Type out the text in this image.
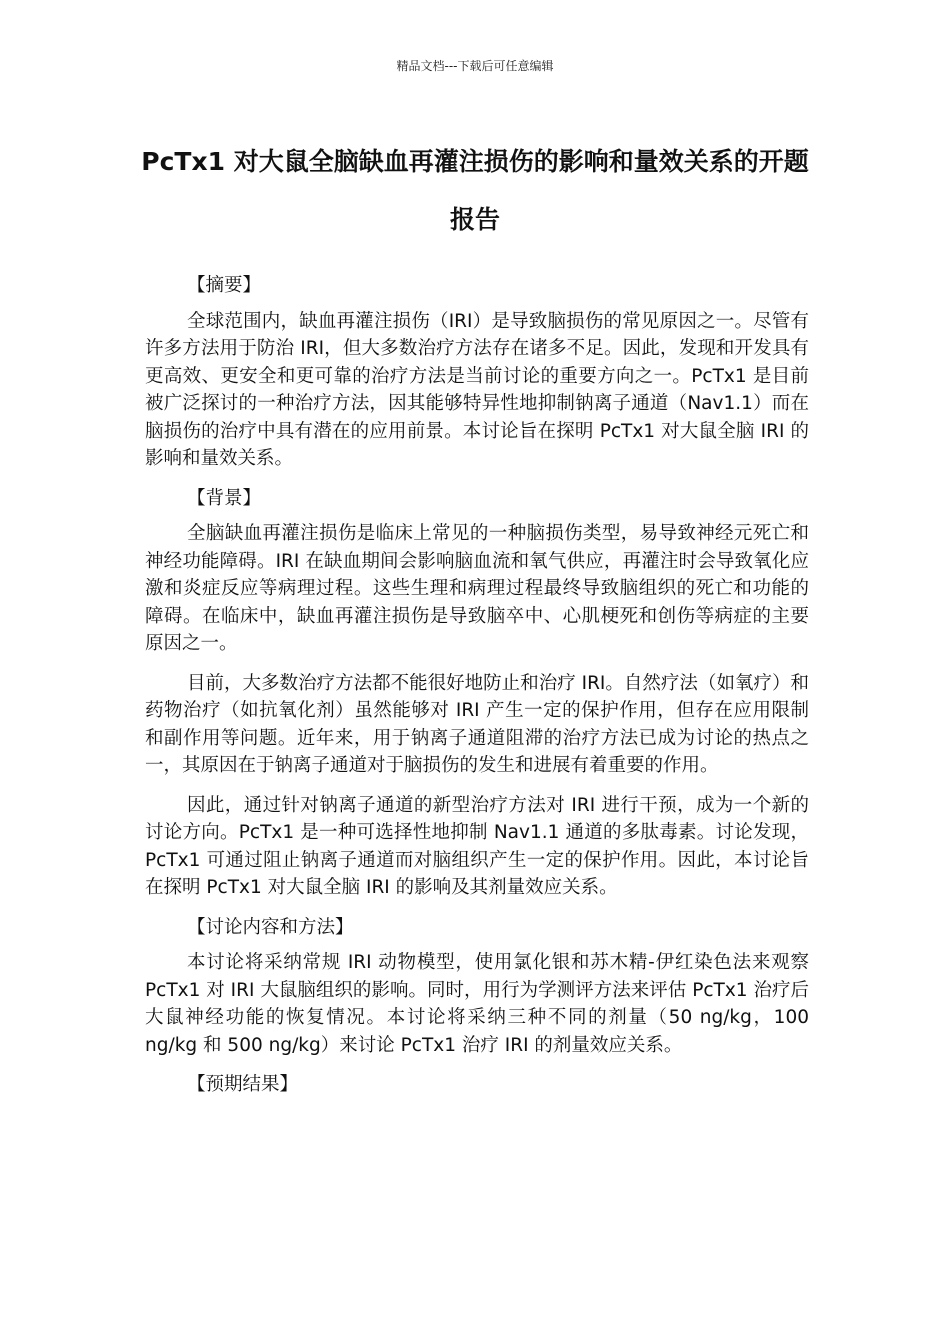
精品文档---下载后可任意编辑
PcTx1 对大鼠全脑缺血再灌注损伤的影响和量效关系的开题报告
【摘要】

全球范围内，缺血再灌注损伤（IRI）是导致脑损伤的常见原因之一。尽管有许多方法用于防治 IRI，但大多数治疗方法存在诸多不足。因此，发现和开发具有更高效、更安全和更可靠的治疗方法是当前讨论的重要方向之一。PcTx1 是目前被广泛探讨的一种治疗方法，因其能够特异性地抑制钠离子通道（Nav1.1）而在脑损伤的治疗中具有潜在的应用前景。本讨论旨在探明 PcTx1 对大鼠全脑 IRI 的影响和量效关系。

【背景】

全脑缺血再灌注损伤是临床上常见的一种脑损伤类型，易导致神经元死亡和神经功能障碍。IRI 在缺血期间会影响脑血流和氧气供应，再灌注时会导致氧化应激和炎症反应等病理过程。这些生理和病理过程最终导致脑组织的死亡和功能的障碍。在临床中，缺血再灌注损伤是导致脑卒中、心肌梗死和创伤等病症的主要原因之一。

目前，大多数治疗方法都不能很好地防止和治疗 IRI。自然疗法（如氧疗）和药物治疗（如抗氧化剂）虽然能够对 IRI 产生一定的保护作用，但存在应用限制和副作用等问题。近年来，用于钠离子通道阻滞的治疗方法已成为讨论的热点之一，其原因在于钠离子通道对于脑损伤的发生和进展有着重要的作用。

因此，通过针对钠离子通道的新型治疗方法对 IRI 进行干预，成为一个新的讨论方向。PcTx1 是一种可选择性地抑制 Nav1.1 通道的多肽毒素。讨论发现，PcTx1 可通过阻止钠离子通道而对脑组织产生一定的保护作用。因此，本讨论旨在探明 PcTx1 对大鼠全脑 IRI 的影响及其剂量效应关系。

【讨论内容和方法】

本讨论将采纳常规 IRI 动物模型，使用氯化银和苏木精-伊红染色法来观察 PcTx1 对 IRI 大鼠脑组织的影响。同时，用行为学测评方法来评估 PcTx1 治疗后大鼠神经功能的恢复情况。本讨论将采纳三种不同的剂量（50 ng/kg，100 ng/kg 和 500 ng/kg）来讨论 PcTx1 治疗 IRI 的剂量效应关系。

【预期结果】
